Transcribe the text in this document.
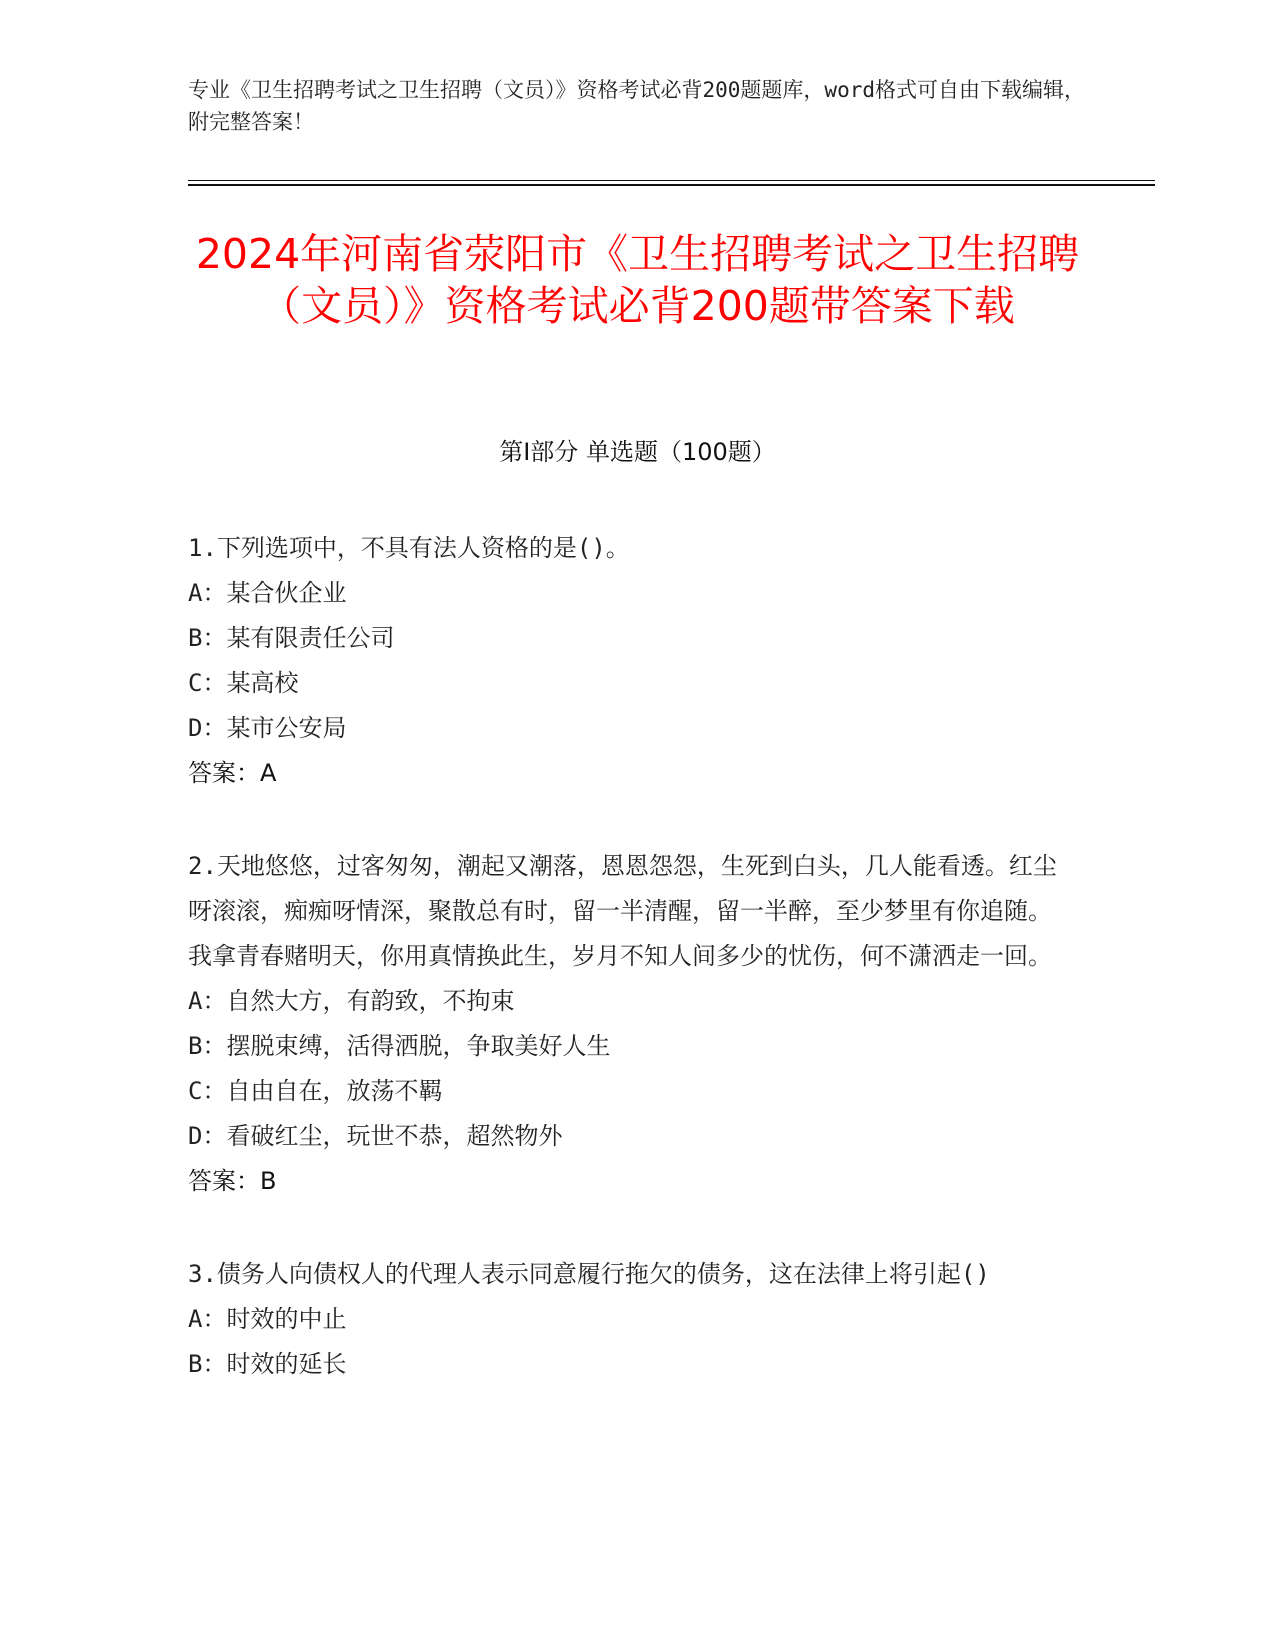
专业《卫生招聘考试之卫生招聘（文员）》资格考试必背200题题库，word格式可自由下载编辑，附完整答案！
2024年河南省荥阳市《卫生招聘考试之卫生招聘（文员）》资格考试必背200题带答案下载
第I部分 单选题（100题）

1.下列选项中，不具有法人资格的是()。

A：某合伙企业

B：某有限责任公司

C：某高校

D：某市公安局

答案：A

2.天地悠悠，过客匆匆，潮起又潮落，恩恩怨怨，生死到白头，几人能看透。红尘呀滚滚，痴痴呀情深，聚散总有时，留一半清醒，留一半醉，至少梦里有你追随。我拿青春赌明天，你用真情换此生，岁月不知人间多少的忧伤，何不潇洒走一回。

A：自然大方，有韵致，不拘束

B：摆脱束缚，活得洒脱，争取美好人生

C：自由自在，放荡不羁

D：看破红尘，玩世不恭，超然物外

答案：B

3.债务人向债权人的代理人表示同意履行拖欠的债务，这在法律上将引起()

A：时效的中止

B：时效的延长
